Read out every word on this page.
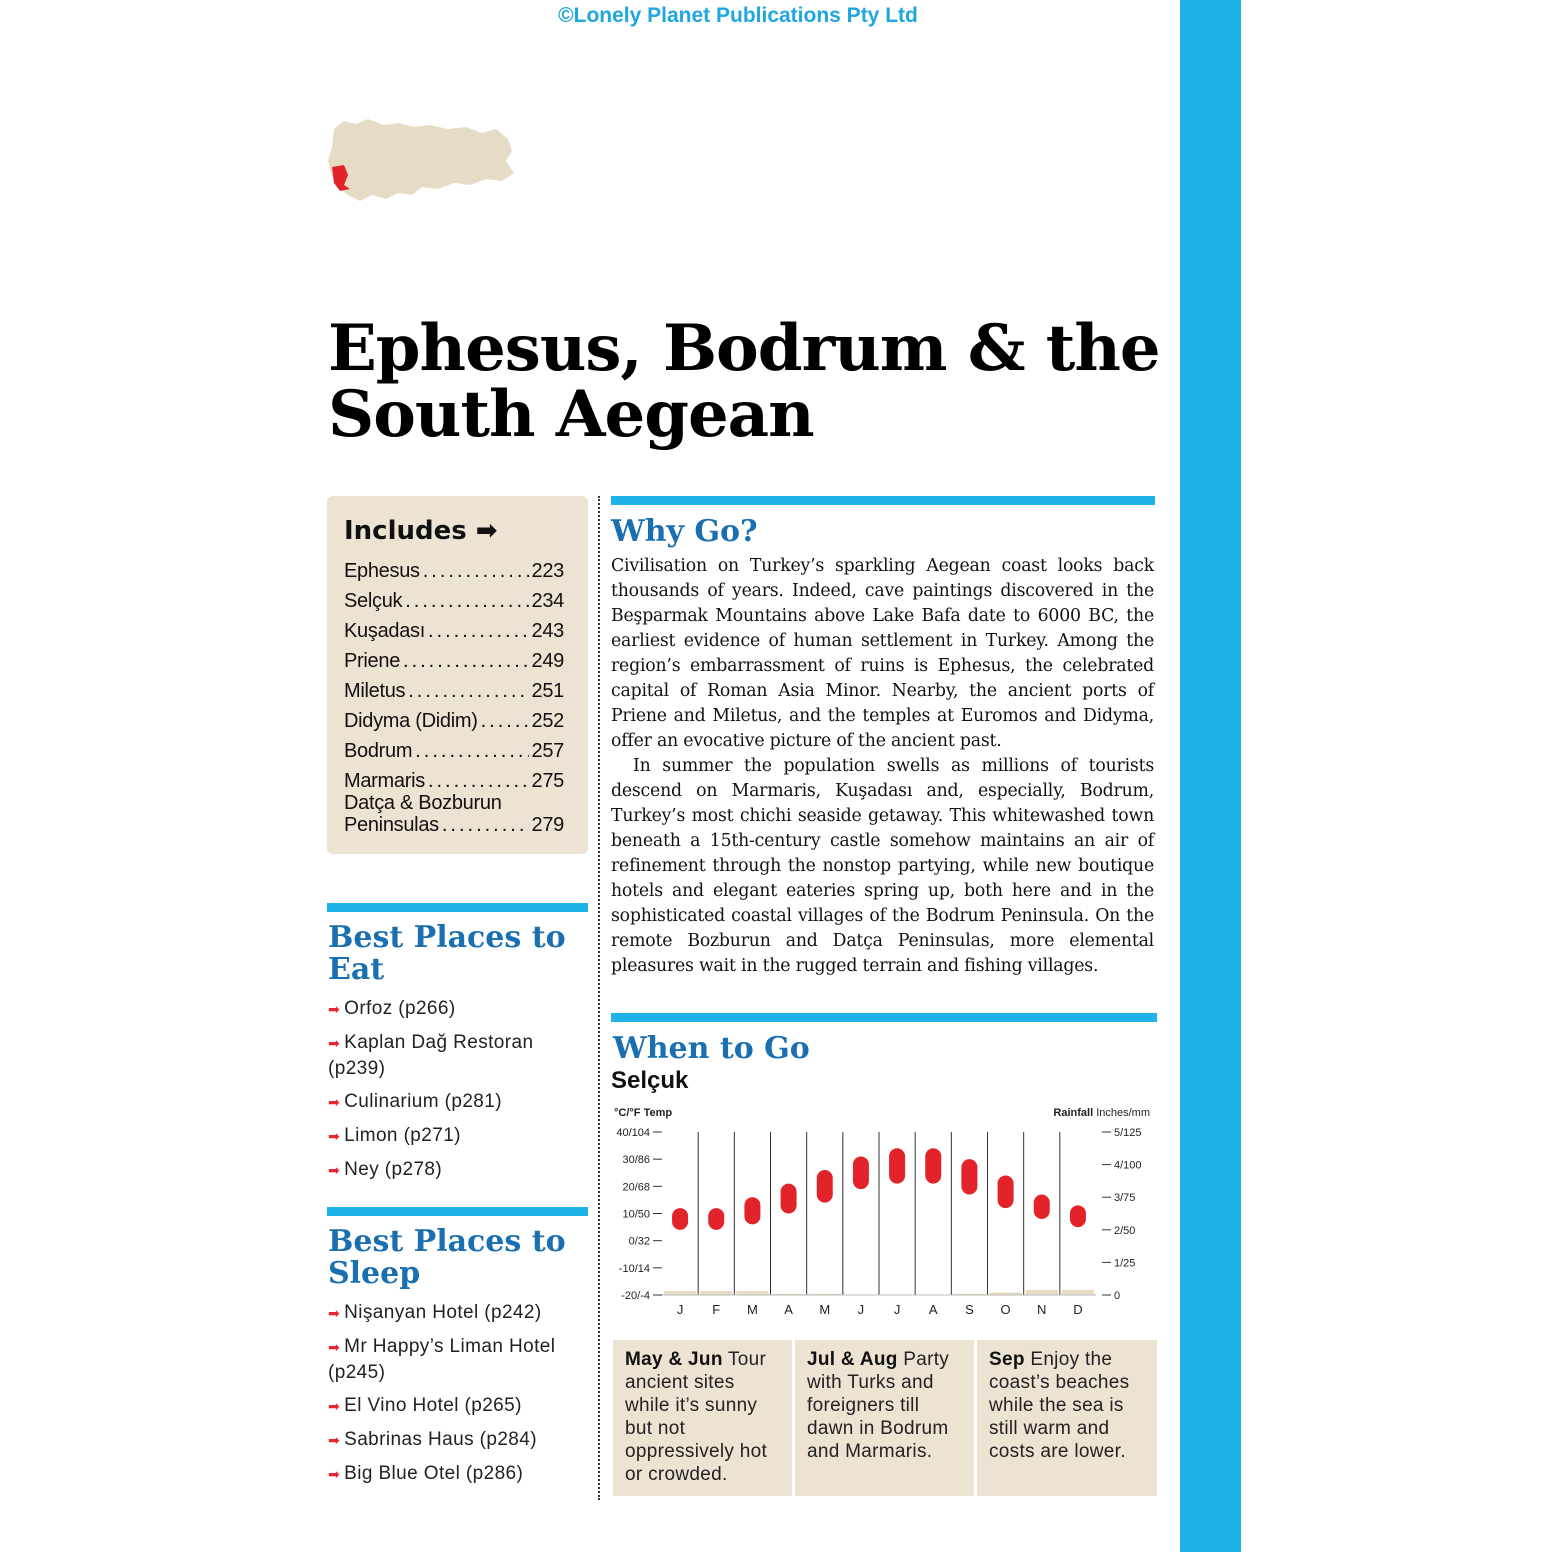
©Lonely Planet Publications Pty Ltd
Ephesus, Bodrum & the South Aegean
Includes ➡
Ephesus .....	223
Selçuk .....	234
Kuşadası .....	243
Priene .....	249
Miletus .....	251
Didyma (Didim) .....	252
Bodrum .....	257
Marmaris .....	275
Datça & Bozburun
Peninsulas .....	279
Best Places to Eat
➡ Orfoz (p266)
➡ Kaplan Dağ Restoran (p239)
➡ Culinarium (p281)
➡ Limon (p271)
➡ Ney (p278)
Best Places to Sleep
➡ Nişanyan Hotel (p242)
➡ Mr Happy’s Liman Hotel (p245)
➡ El Vino Hotel (p265)
➡ Sabrinas Haus (p284)
➡ Big Blue Otel (p286)
Why Go?

Civilisation on Turkey’s sparkling Aegean coast looks back thousands of years. Indeed, cave paintings discovered in the Beşparmak Mountains above Lake Bafa date to 6000 BC, the earliest evidence of human settlement in Turkey. Among the region’s embarrassment of ruins is Ephesus, the celebrated capital of Roman Asia Minor. Nearby, the ancient ports of Priene and Miletus, and the temples at Euromos and Didyma, offer an evocative picture of the ancient past.

In summer the population swells as millions of tourists descend on Marmaris, Kuşadası and, especially, Bodrum, Turkey’s most chichi seaside getaway. This whitewashed town beneath a 15th-century castle somehow maintains an air of refinement through the nonstop partying, while new boutique hotels and elegant eateries spring up, both here and in the sophisticated coastal villages of the Bodrum Peninsula. On the remote Bozburun and Datça Peninsulas, more elemental pleasures wait in the rugged terrain and fishing villages.

When to Go
Selçuk
°C/°F Temp	Rainfall Inches/mm
40/104
30/86
20/68
10/50
0/32
-10/14
-20/-4
5/125
4/100
3/75
2/50
1/25
0
J F M A M J J A S O N D
May & Jun Tour ancient sites while it’s sunny but not oppressively hot or crowded.
Jul & Aug Party with Turks and foreigners till dawn in Bodrum and Marmaris.
Sep Enjoy the coast’s beaches while the sea is still warm and costs are lower.
